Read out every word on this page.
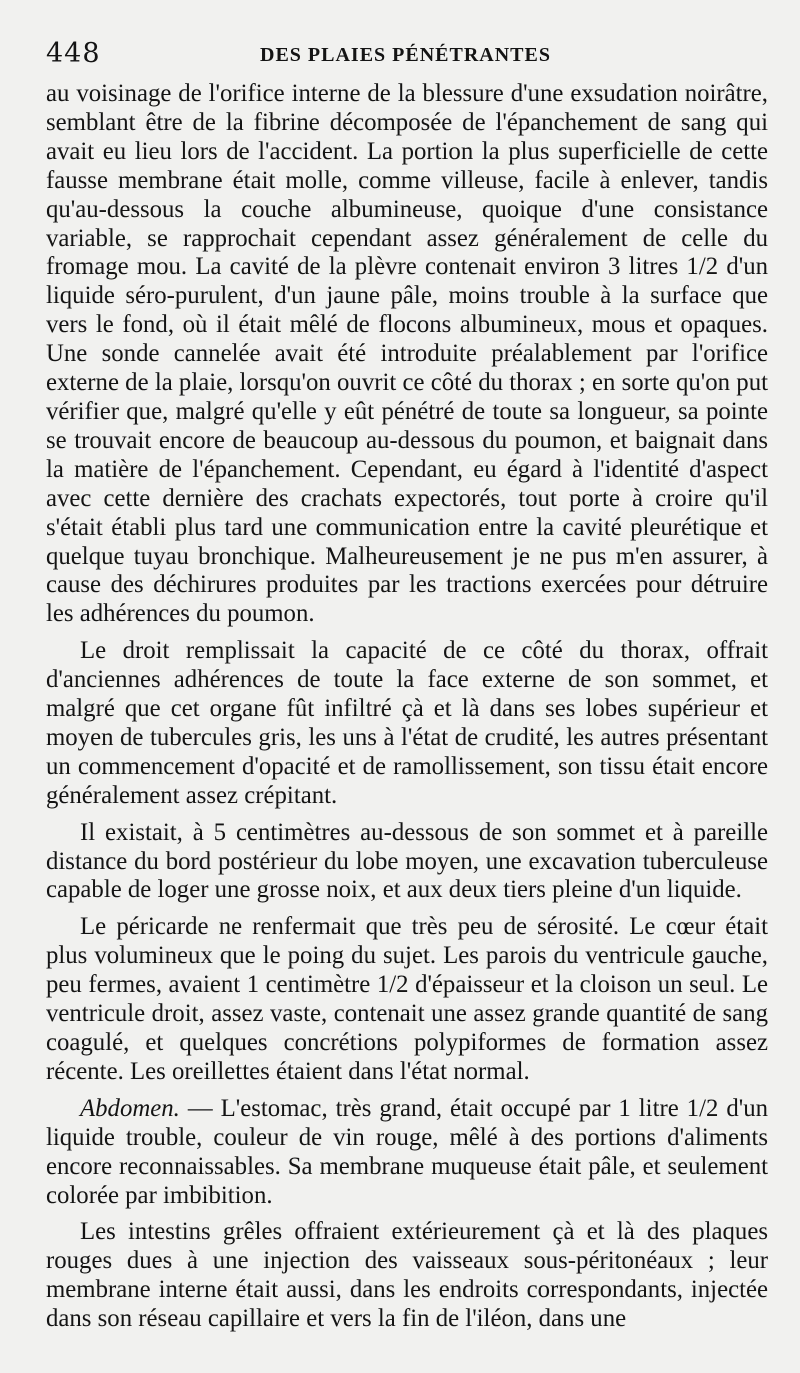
448	DES PLAIES PÉNÉTRANTES

au voisinage de l'orifice interne de la blessure d'une exsudation noirâtre, semblant être de la fibrine décomposée de l'épanchement de sang qui avait eu lieu lors de l'accident. La portion la plus superficielle de cette fausse membrane était molle, comme villeuse, facile à enlever, tandis qu'au-dessous la couche albumineuse, quoique d'une consistance variable, se rapprochait cependant assez généralement de celle du fromage mou. La cavité de la plèvre contenait environ 3 litres 1/2 d'un liquide séro-purulent, d'un jaune pâle, moins trouble à la surface que vers le fond, où il était mêlé de flocons albumineux, mous et opaques. Une sonde cannelée avait été introduite préalablement par l'orifice externe de la plaie, lorsqu'on ouvrit ce côté du thorax ; en sorte qu'on put vérifier que, malgré qu'elle y eût pénétré de toute sa longueur, sa pointe se trouvait encore de beaucoup au-dessous du poumon, et baignait dans la matière de l'épanchement. Cependant, eu égard à l'identité d'aspect avec cette dernière des crachats expectorés, tout porte à croire qu'il s'était établi plus tard une communication entre la cavité pleurétique et quelque tuyau bronchique. Malheureusement je ne pus m'en assurer, à cause des déchirures produites par les tractions exercées pour détruire les adhérences du poumon.

Le droit remplissait la capacité de ce côté du thorax, offrait d'anciennes adhérences de toute la face externe de son sommet, et malgré que cet organe fût infiltré çà et là dans ses lobes supérieur et moyen de tubercules gris, les uns à l'état de crudité, les autres présentant un commencement d'opacité et de ramollissement, son tissu était encore généralement assez crépitant.

Il existait, à 5 centimètres au-dessous de son sommet et à pareille distance du bord postérieur du lobe moyen, une excavation tuberculeuse capable de loger une grosse noix, et aux deux tiers pleine d'un liquide.

Le péricarde ne renfermait que très peu de sérosité. Le cœur était plus volumineux que le poing du sujet. Les parois du ventricule gauche, peu fermes, avaient 1 centimètre 1/2 d'épaisseur et la cloison un seul. Le ventricule droit, assez vaste, contenait une assez grande quantité de sang coagulé, et quelques concrétions polypiformes de formation assez récente. Les oreillettes étaient dans l'état normal.

Abdomen. — L'estomac, très grand, était occupé par 1 litre 1/2 d'un liquide trouble, couleur de vin rouge, mêlé à des portions d'aliments encore reconnaissables. Sa membrane muqueuse était pâle, et seulement colorée par imbibition.

Les intestins grêles offraient extérieurement çà et là des plaques rouges dues à une injection des vaisseaux sous-péritonéaux ; leur membrane interne était aussi, dans les endroits correspondants, injectée dans son réseau capillaire et vers la fin de l'iléon, dans une
